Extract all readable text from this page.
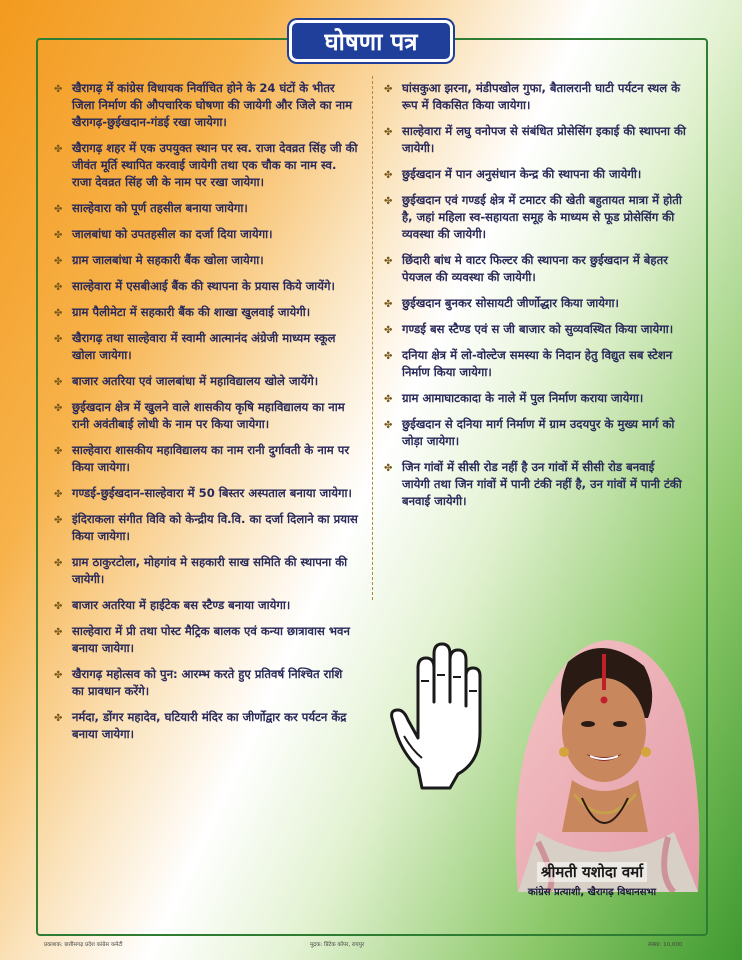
घोषणा पत्र
✤ खैरागढ़ में कांग्रेस विधायक निर्वाचित होने के 24 घंटों के भीतर जिला निर्माण की औपचारिक घोषणा की जायेगी और जिले का नाम खैरागढ़-छुईखदान-गंडई रखा जायेगा।
✤ खैरागढ़ शहर में एक उपयुक्त स्थान पर स्व. राजा देवव्रत सिंह जी की जीवंत मूर्ति स्थापित करवाई जायेगी तथा एक चौक का नाम स्व. राजा देवव्रत सिंह जी के नाम पर रखा जायेगा।
✤ साल्हेवारा को पूर्ण तहसील बनाया जायेगा।
✤ जालबांधा को उपतहसील का दर्जा दिया जायेगा।
✤ ग्राम जालबांधा मे सहकारी बैंक खोला जायेगा।
✤ साल्हेवारा में एसबीआई बैंक की स्थापना के प्रयास किये जायेंगे।
✤ ग्राम पैलीमेटा में सहकारी बैंक की शाखा खुलवाई जायेगी।
✤ खैरागढ़ तथा साल्हेवारा में स्वामी आत्मानंद अंग्रेजी माध्यम स्कूल खोला जायेगा।
✤ बाजार अतरिया एवं जालबांधा में महाविद्यालय खोले जायेंगे।
✤ छुईखदान क्षेत्र में खुलने वाले शासकीय कृषि महाविद्यालय का नाम रानी अवंतीबाई लोधी के नाम पर किया जायेगा।
✤ साल्हेवारा शासकीय महाविद्यालय का नाम रानी दुर्गावती के नाम पर किया जायेगा।
✤ गण्डई-छुईखदान-साल्हेवारा में 50 बिस्तर अस्पताल बनाया जायेगा।
✤ इंदिराकला संगीत विवि को केन्द्रीय वि.वि. का दर्जा दिलाने का प्रयास किया जायेगा।
✤ ग्राम ठाकुरटोला, मोहगांव मे सहकारी साख समिति की स्थापना की जायेगी।
✤ बाजार अतरिया में हाईटेक बस स्टैण्ड बनाया जायेगा।
✤ साल्हेवारा में प्री तथा पोस्ट मैट्रिक बालक एवं कन्या छात्रावास भवन बनाया जायेगा।
✤ खैरागढ़ महोत्सव को पुन: आरम्भ करते हुए प्रतिवर्ष निश्चित राशि का प्रावधान करेंगे।
✤ नर्मदा, डोंगर महादेव, घटियारी मंदिर का जीर्णोद्वार कर पर्यटन केंद्र बनाया जायेगा।
✤ घांसकुआ झरना, मंडीपखोल गुफा, बैतालरानी घाटी पर्यटन स्थल के रूप में विकसित किया जायेगा।
✤ साल्हेवारा में लघु वनोपज से संबंधित प्रोसेसिंग इकाई की स्थापना की जायेगी।
✤ छुईखदान में पान अनुसंधान केन्द्र की स्थापना की जायेगी।
✤ छुईखदान एवं गण्डई क्षेत्र में टमाटर की खेती बहुतायत मात्रा में होती है, जहां महिला स्व-सहायता समूह के माध्यम से फूड प्रोसेसिंग की व्यवस्था की जायेगी।
✤ छिंदारी बांध मे वाटर फिल्टर की स्थापना कर छुईखदान में बेहतर पेयजल की व्यवस्था की जायेगी।
✤ छुईखदान बुनकर सोसायटी जीर्णोद्धार किया जायेगा।
✤ गण्डई बस स्टैण्ड एवं स जी बाजार को सुव्यवस्थित किया जायेगा।
✤ दनिया क्षेत्र में लो-वोल्टेज समस्या के निदान हेतु विद्युत सब स्टेशन निर्माण किया जायेगा।
✤ ग्राम आमाघाटकादा के नाले में पुल निर्माण कराया जायेगा।
✤ छुईखदान से दनिया मार्ग निर्माण में ग्राम उदयपुर के मुख्य मार्ग को जोड़ा जायेगा।
✤ जिन गांवों में सीसी रोड नहीं है उन गांवों में सीसी रोड बनवाई जायेगी तथा जिन गांवों में पानी टंकी नहीं है, उन गांवों में पानी टंकी बनवाई जायेगी।
श्रीमती यशोदा वर्मा
कांग्रेस प्रत्याशी, खैरागढ़ विधानसभा
प्रकाशक: छत्तीसगढ़ प्रदेश कांग्रेस कमेटी	मुद्रक: प्रिंटेक कॉपर, रायपुर	संख्या: 10,000
